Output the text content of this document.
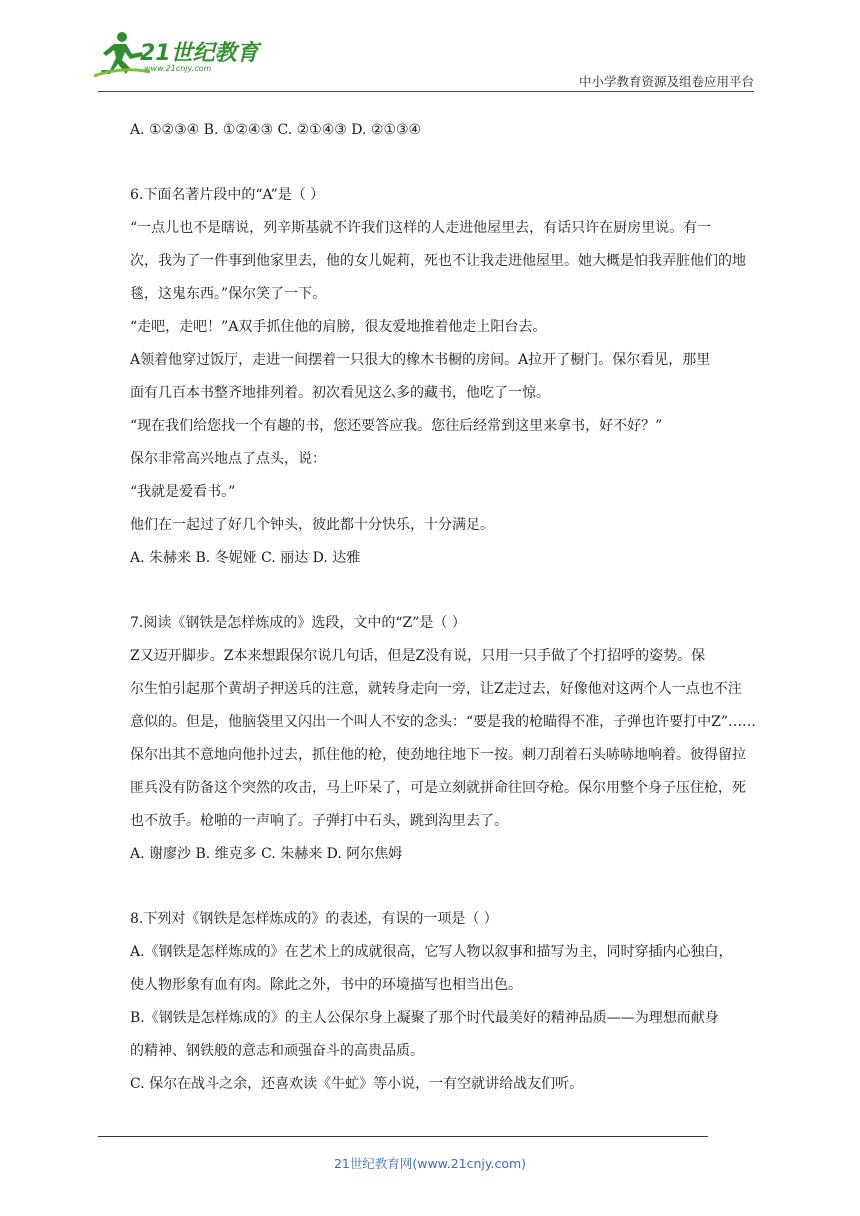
21世纪教育
www.21cnjy.com
中小学教育资源及组卷应用平台

A. ①②③④ B. ①②④③ C. ②①④③ D. ②①③④

6.下面名著片段中的“A”是（ ）

“一点儿也不是瞎说，列辛斯基就不许我们这样的人走进他屋里去，有话只许在厨房里说。有一

次，我为了一件事到他家里去，他的女儿妮莉，死也不让我走进他屋里。她大概是怕我弄脏他们的地

毯，这鬼东西。”保尔笑了一下。

“走吧，走吧！”A双手抓住他的肩膀，很友爱地推着他走上阳台去。

A领着他穿过饭厅，走进一间摆着一只很大的橡木书橱的房间。A拉开了橱门。保尔看见，那里

面有几百本书整齐地排列着。初次看见这么多的藏书，他吃了一惊。

“现在我们给您找一个有趣的书，您还要答应我。您往后经常到这里来拿书，好不好？”

保尔非常高兴地点了点头，说：

“我就是爱看书。”

他们在一起过了好几个钟头，彼此都十分快乐，十分满足。

A. 朱赫来 B. 冬妮娅 C. 丽达 D. 达雅

7.阅读《钢铁是怎样炼成的》选段，文中的“Z”是（ ）

Z又迈开脚步。Z本来想跟保尔说几句话，但是Z没有说，只用一只手做了个打招呼的姿势。保

尔生怕引起那个黄胡子押送兵的注意，就转身走向一旁，让Z走过去，好像他对这两个人一点也不注

意似的。但是，他脑袋里又闪出一个叫人不安的念头：“要是我的枪瞄得不准，子弹也许要打中Z”……

保尔出其不意地向他扑过去，抓住他的枪，使劲地往地下一按。刺刀刮着石头哧哧地响着。彼得留拉

匪兵没有防备这个突然的攻击，马上吓呆了，可是立刻就拼命往回夺枪。保尔用整个身子压住枪，死

也不放手。枪啪的一声响了。子弹打中石头，跳到沟里去了。

A. 谢廖沙 B. 维克多 C. 朱赫来 D. 阿尔焦姆

8.下列对《钢铁是怎样炼成的》的表述，有误的一项是（ ）

A.《钢铁是怎样炼成的》在艺术上的成就很高，它写人物以叙事和描写为主，同时穿插内心独白，

使人物形象有血有肉。除此之外，书中的环境描写也相当出色。

B.《钢铁是怎样炼成的》的主人公保尔身上凝聚了那个时代最美好的精神品质——为理想而献身

的精神、钢铁般的意志和顽强奋斗的高贵品质。

C. 保尔在战斗之余，还喜欢读《牛虻》等小说，一有空就讲给战友们听。

21世纪教育网(www.21cnjy.com)
